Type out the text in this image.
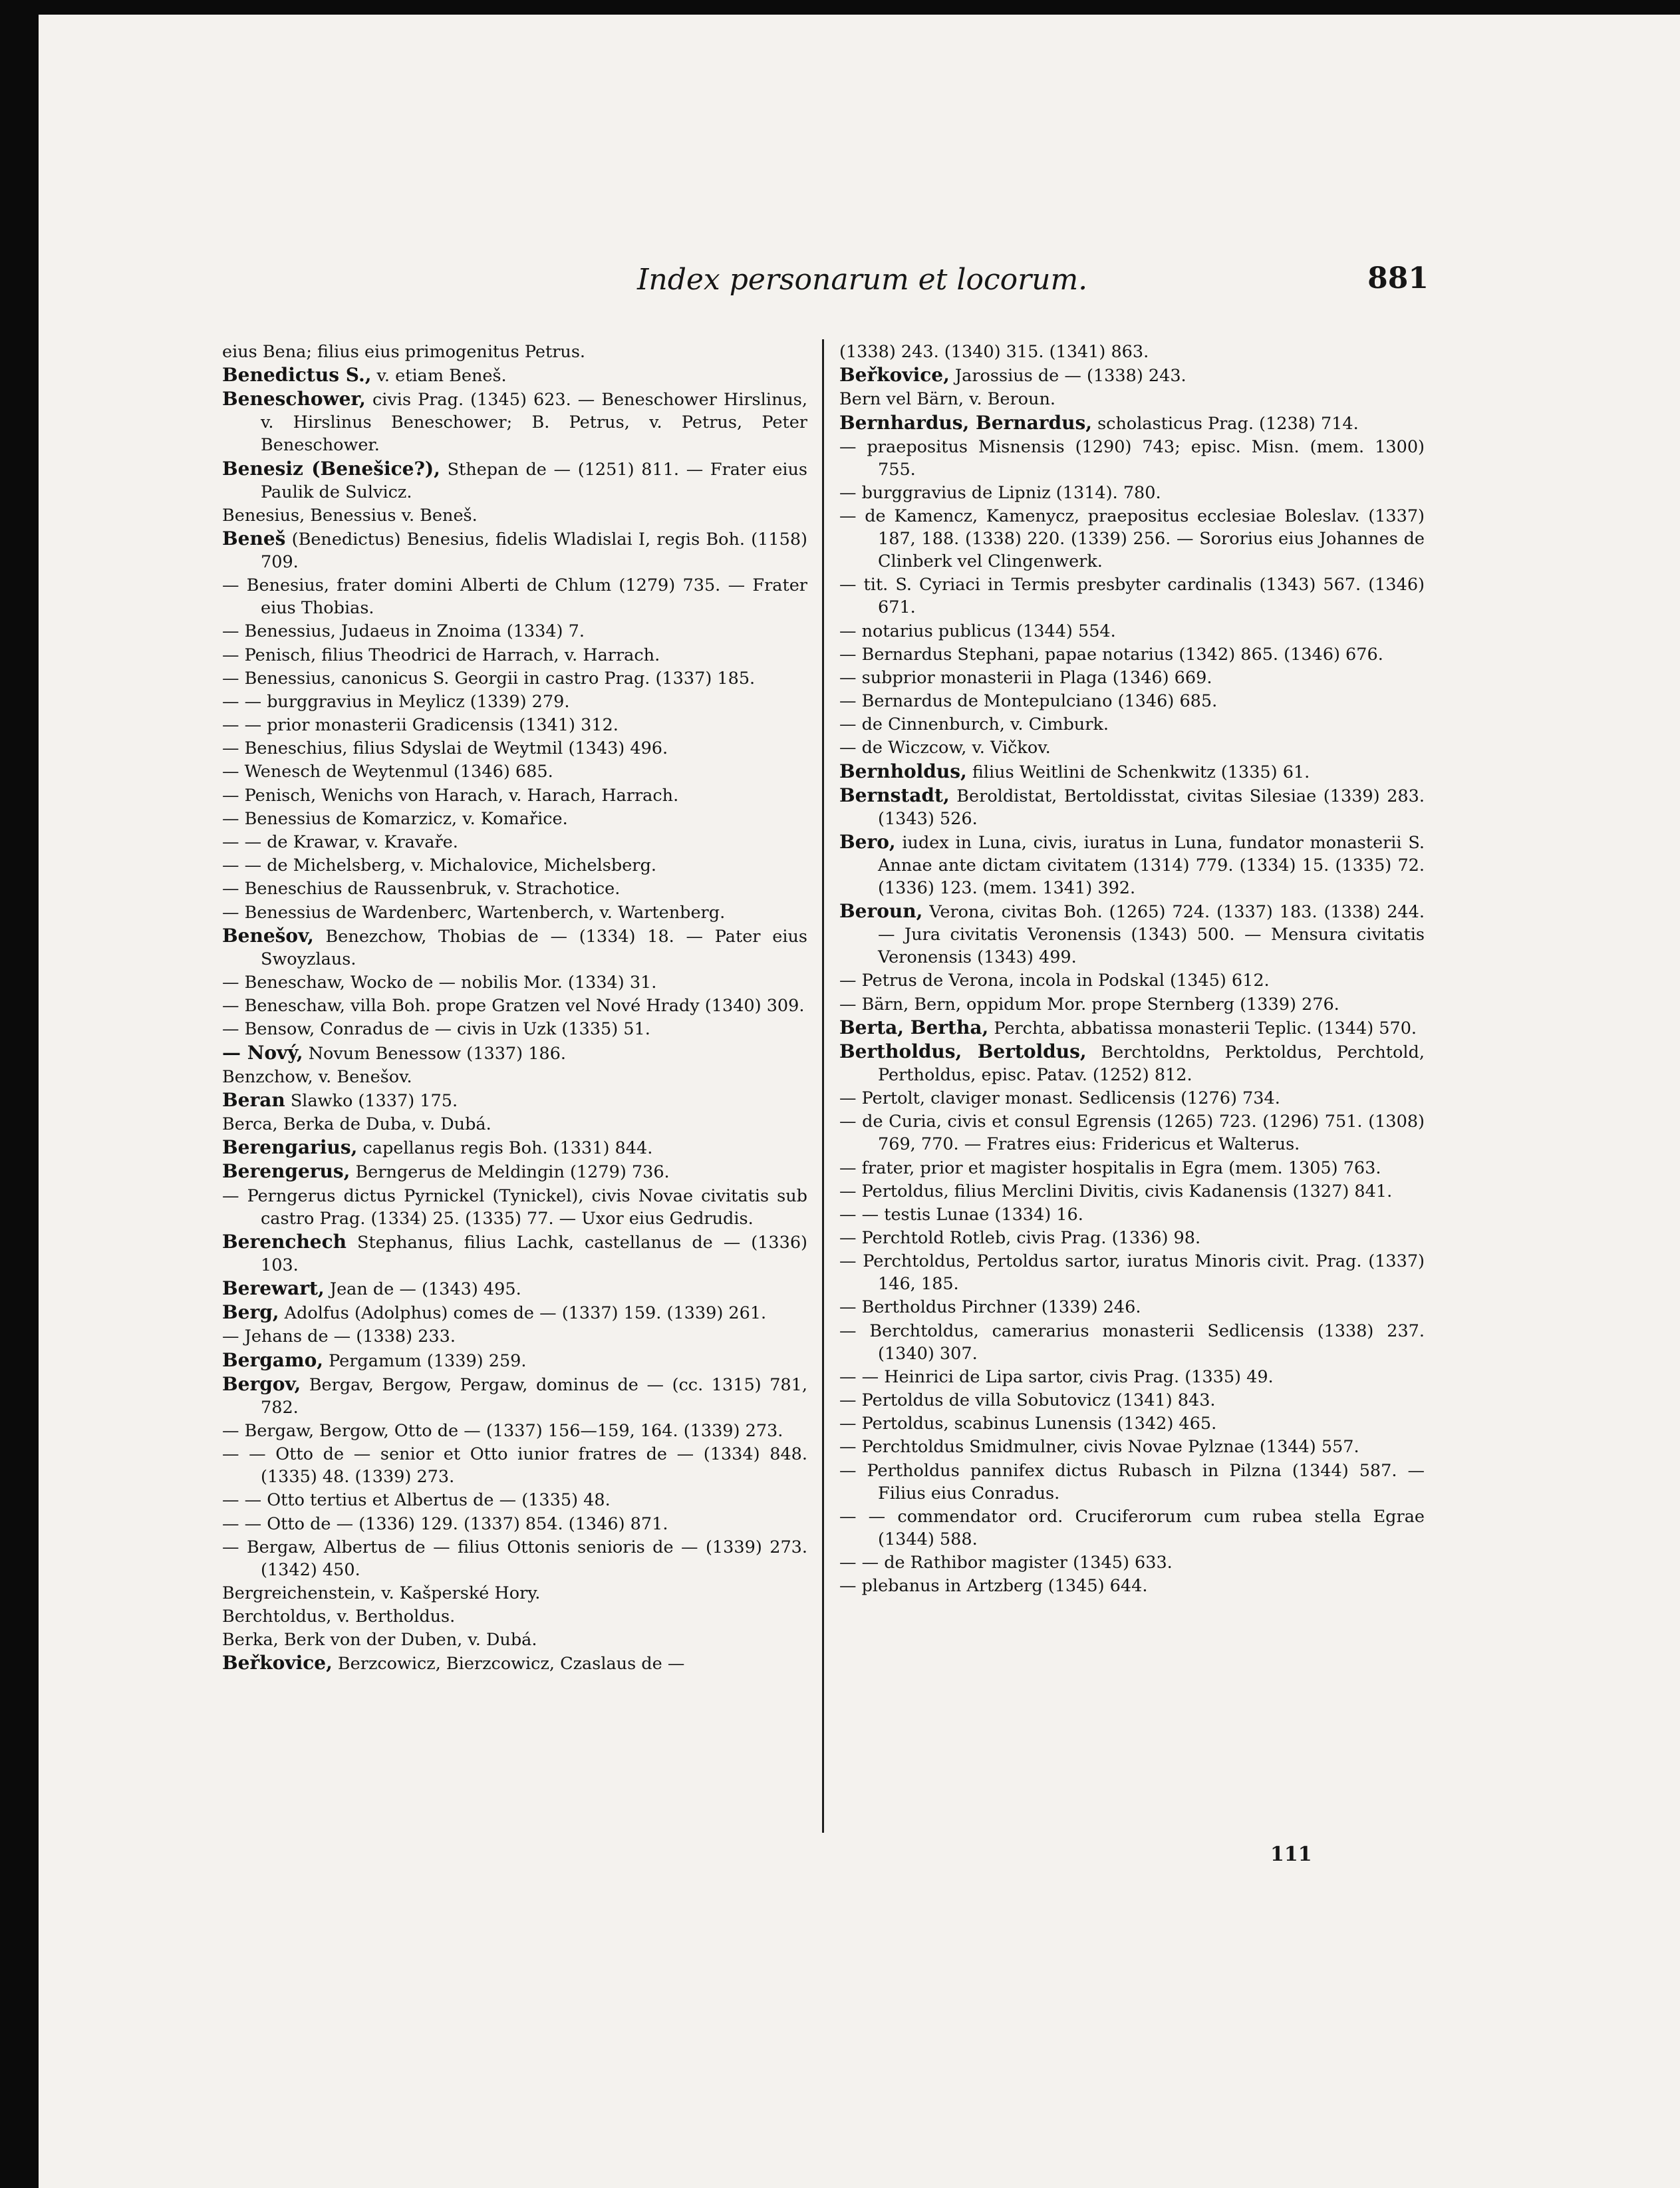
Index personarum et locorum.	881

eius Bena; filius eius primogenitus Petrus.

Benedictus S., v. etiam Beneš.

Beneschower, civis Prag. (1345) 623. — Beneschower Hirslinus, v. Hirslinus Beneschower; B. Petrus, v. Petrus, Peter Beneschower.

Benesiz (Benešice?), Sthepan de — (1251) 811. — Frater eius Paulik de Sulvicz.

Benesius, Benessius v. Beneš.

Beneš (Benedictus) Benesius, fidelis Wladislai I, regis Boh. (1158) 709.

— Benesius, frater domini Alberti de Chlum (1279) 735. — Frater eius Thobias.

— Benessius, Judaeus in Znoima (1334) 7.

— Penisch, filius Theodrici de Harrach, v. Harrach.

— Benessius, canonicus S. Georgii in castro Prag. (1337) 185.

— — burggravius in Meylicz (1339) 279.

— — prior monasterii Gradicensis (1341) 312.

— Beneschius, filius Sdyslai de Weytmil (1343) 496.

— Wenesch de Weytenmul (1346) 685.

— Penisch, Wenichs von Harach, v. Harach, Harrach.

— Benessius de Komarzicz, v. Komařice.

— — de Krawar, v. Kravaře.

— — de Michelsberg, v. Michalovice, Michelsberg.

— Beneschius de Raussenbruk, v. Strachotice.

— Benessius de Wardenberc, Wartenberch, v. Wartenberg.

Benešov, Benezchow, Thobias de — (1334) 18. — Pater eius Swoyzlaus.

— Beneschaw, Wocko de — nobilis Mor. (1334) 31.

— Beneschaw, villa Boh. prope Gratzen vel Nové Hrady (1340) 309.

— Bensow, Conradus de — civis in Uzk (1335) 51.

— Nový, Novum Benessow (1337) 186.

Benzchow, v. Benešov.

Beran Slawko (1337) 175.

Berca, Berka de Duba, v. Dubá.

Berengarius, capellanus regis Boh. (1331) 844.

Berengerus, Berngerus de Meldingin (1279) 736.

— Perngerus dictus Pyrnickel (Tynickel), civis Novae civitatis sub castro Prag. (1334) 25. (1335) 77. — Uxor eius Gedrudis.

Berenchech Stephanus, filius Lachk, castellanus de — (1336) 103.

Berewart, Jean de — (1343) 495.

Berg, Adolfus (Adolphus) comes de — (1337) 159. (1339) 261.

— Jehans de — (1338) 233.

Bergamo, Pergamum (1339) 259.

Bergov, Bergav, Bergow, Pergaw, dominus de — (cc. 1315) 781, 782.

— Bergaw, Bergow, Otto de — (1337) 156—159, 164. (1339) 273.

— — Otto de — senior et Otto iunior fratres de — (1334) 848. (1335) 48. (1339) 273.

— — Otto tertius et Albertus de — (1335) 48.

— — Otto de — (1336) 129. (1337) 854. (1346) 871.

— Bergaw, Albertus de — filius Ottonis senioris de — (1339) 273. (1342) 450.

Bergreichenstein, v. Kašperské Hory.

Berchtoldus, v. Bertholdus.

Berka, Berk von der Duben, v. Dubá.

Beřkovice, Berzcowicz, Bierzcowicz, Czaslaus de —

(1338) 243. (1340) 315. (1341) 863.

Beřkovice, Jarossius de — (1338) 243.

Bern vel Bärn, v. Beroun.

Bernhardus, Bernardus, scholasticus Prag. (1238) 714.

— praepositus Misnensis (1290) 743; episc. Misn. (mem. 1300) 755.

— burggravius de Lipniz (1314). 780.

— de Kamencz, Kamenycz, praepositus ecclesiae Boleslav. (1337) 187, 188. (1338) 220. (1339) 256. — Sororius eius Johannes de Clinberk vel Clingenwerk.

— tit. S. Cyriaci in Termis presbyter cardinalis (1343) 567. (1346) 671.

— notarius publicus (1344) 554.

— Bernardus Stephani, papae notarius (1342) 865. (1346) 676.

— subprior monasterii in Plaga (1346) 669.

— Bernardus de Montepulciano (1346) 685.

— de Cinnenburch, v. Cimburk.

— de Wiczcow, v. Vičkov.

Bernholdus, filius Weitlini de Schenkwitz (1335) 61.

Bernstadt, Beroldistat, Bertoldisstat, civitas Silesiae (1339) 283. (1343) 526.

Bero, iudex in Luna, civis, iuratus in Luna, fundator monasterii S. Annae ante dictam civitatem (1314) 779. (1334) 15. (1335) 72. (1336) 123. (mem. 1341) 392.

Beroun, Verona, civitas Boh. (1265) 724. (1337) 183. (1338) 244. — Jura civitatis Veronensis (1343) 500. — Mensura civitatis Veronensis (1343) 499.

— Petrus de Verona, incola in Podskal (1345) 612.

— Bärn, Bern, oppidum Mor. prope Sternberg (1339) 276.

Berta, Bertha, Perchta, abbatissa monasterii Teplic. (1344) 570.

Bertholdus, Bertoldus, Berchtoldns, Perktoldus, Perchtold, Pertholdus, episc. Patav. (1252) 812.

— Pertolt, claviger monast. Sedlicensis (1276) 734.

— de Curia, civis et consul Egrensis (1265) 723. (1296) 751. (1308) 769, 770. — Fratres eius: Fridericus et Walterus.

— frater, prior et magister hospitalis in Egra (mem. 1305) 763.

— Pertoldus, filius Merclini Divitis, civis Kadanensis (1327) 841.

— — testis Lunae (1334) 16.

— Perchtold Rotleb, civis Prag. (1336) 98.

— Perchtoldus, Pertoldus sartor, iuratus Minoris civit. Prag. (1337) 146, 185.

— Bertholdus Pirchner (1339) 246.

— Berchtoldus, camerarius monasterii Sedlicensis (1338) 237. (1340) 307.

— — Heinrici de Lipa sartor, civis Prag. (1335) 49.

— Pertoldus de villa Sobutovicz (1341) 843.

— Pertoldus, scabinus Lunensis (1342) 465.

— Perchtoldus Smidmulner, civis Novae Pylznae (1344) 557.

— Pertholdus pannifex dictus Rubasch in Pilzna (1344) 587. — Filius eius Conradus.

— — commendator ord. Cruciferorum cum rubea stella Egrae (1344) 588.

— — de Rathibor magister (1345) 633.

— plebanus in Artzberg (1345) 644.

111
